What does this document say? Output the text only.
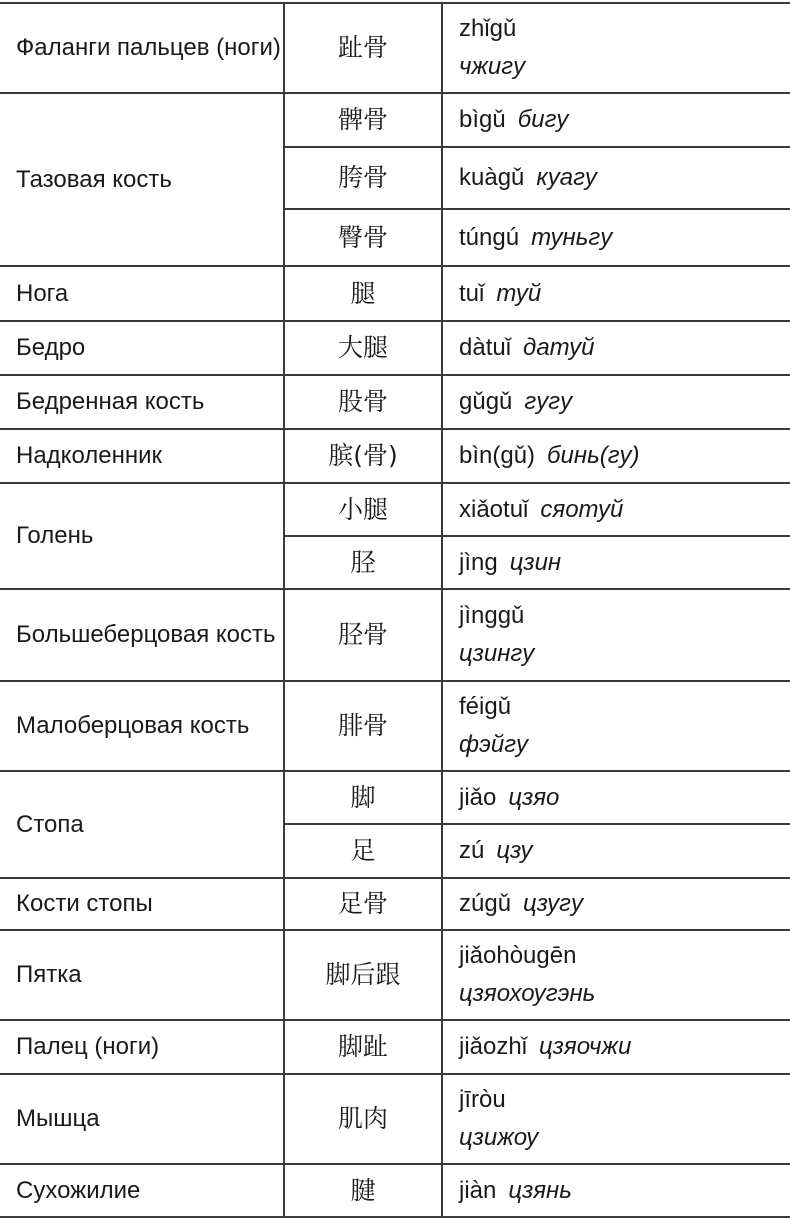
Фаланги пальцев (ноги)	趾骨	zhǐgǔ
чжигу
Тазовая кость	髀骨	bìgǔ бигу
	胯骨	kuàgǔ куагу
	臀骨	túngú туньгу
Нога	腿	tuǐ туй
Бедро	大腿	dàtuǐ датуй
Бедренная кость	股骨	gǔgǔ гугу
Надколенник	膑(骨)	bìn(gǔ) бинь(гу)
Голень	小腿	xiǎotuǐ сяотуй
	胫	jìng цзин
Большеберцовая кость	胫骨	jìnggǔ
цзингу
Малоберцовая кость	腓骨	féigǔ
фэйгу
Стопа	脚	jiǎo цзяо
	足	zú цзу
Кости стопы	足骨	zúgǔ цзугу
Пятка	脚后跟	jiǎohòugēn
цзяохоугэнь
Палец (ноги)	脚趾	jiǎozhǐ цзяочжи
Мышца	肌肉	jīròu
цзижоу
Сухожилие	腱	jiàn цзянь
